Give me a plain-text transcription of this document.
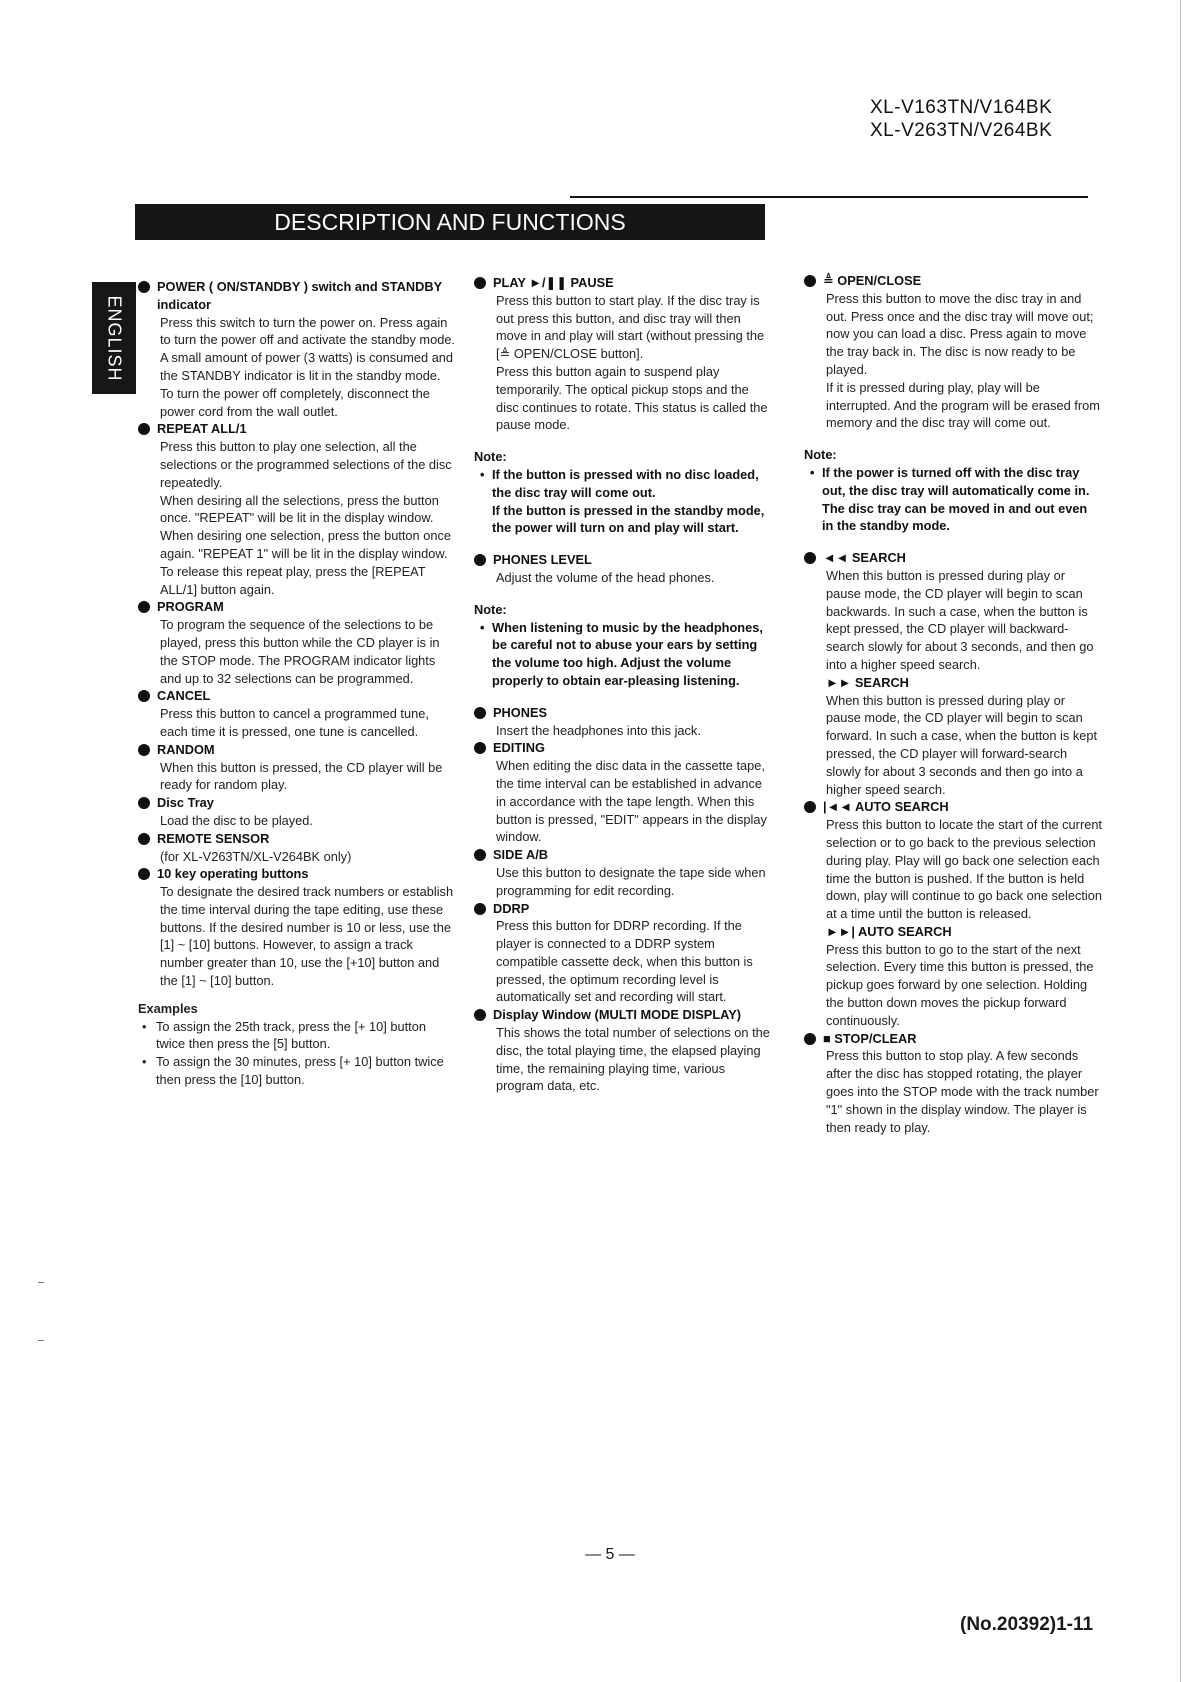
XL-V163TN/V164BK
XL-V263TN/V264BK
DESCRIPTION AND FUNCTIONS
ENGLISH
POWER ( ON/STANDBY ) switch and STANDBY indicator
Press this switch to turn the power on. Press again to turn the power off and activate the standby mode.
A small amount of power (3 watts) is consumed and the STANDBY indicator is lit in the standby mode. To turn the power off completely, disconnect the power cord from the wall outlet.
REPEAT ALL/1
Press this button to play one selection, all the selections or the programmed selections of the disc repeatedly.
When desiring all the selections, press the button once. "REPEAT" will be lit in the display window. When desiring one selection, press the button once again. "REPEAT 1" will be lit in the display window. To release this repeat play, press the [REPEAT ALL/1] button again.
PROGRAM
To program the sequence of the selections to be played, press this button while the CD player is in the STOP mode. The PROGRAM indicator lights and up to 32 selections can be programmed.
CANCEL
Press this button to cancel a programmed tune, each time it is pressed, one tune is cancelled.
RANDOM
When this button is pressed, the CD player will be ready for random play.
Disc Tray
Load the disc to be played.
REMOTE SENSOR
(for XL-V263TN/XL-V264BK only)
10 key operating buttons
To designate the desired track numbers or establish the time interval during the tape editing, use these buttons. If the desired number is 10 or less, use the [1] ~ [10] buttons. However, to assign a track number greater than 10, use the [+10] button and the [1] ~ [10] button.
Examples
• To assign the 25th track, press the [+ 10] button twice then press the [5] button.
• To assign the 30 minutes, press [+ 10] button twice then press the [10] button.
PLAY ►/❚❚ PAUSE
Press this button to start play. If the disc tray is out press this button, and disc tray will then move in and play will start (without pressing the [≜ OPEN/CLOSE button].
Press this button again to suspend play temporarily. The optical pickup stops and the disc continues to rotate. This status is called the pause mode.
Note:
• If the button is pressed with no disc loaded, the disc tray will come out.
If the button is pressed in the standby mode, the power will turn on and play will start.
PHONES LEVEL
Adjust the volume of the head phones.
Note:
• When listening to music by the headphones, be careful not to abuse your ears by setting the volume too high. Adjust the volume properly to obtain ear-pleasing listening.
PHONES
Insert the headphones into this jack.
EDITING
When editing the disc data in the cassette tape, the time interval can be established in advance in accordance with the tape length. When this button is pressed, "EDIT" appears in the display window.
SIDE A/B
Use this button to designate the tape side when programming for edit recording.
DDRP
Press this button for DDRP recording. If the player is connected to a DDRP system compatible cassette deck, when this button is pressed, the optimum recording level is automatically set and recording will start.
Display Window (MULTI MODE DISPLAY)
This shows the total number of selections on the disc, the total playing time, the elapsed playing time, the remaining playing time, various program data, etc.
≜ OPEN/CLOSE
Press this button to move the disc tray in and out. Press once and the disc tray will move out; now you can load a disc. Press again to move the tray back in. The disc is now ready to be played.
If it is pressed during play, play will be interrupted. And the program will be erased from memory and the disc tray will come out.
Note:
• If the power is turned off with the disc tray out, the disc tray will automatically come in.
The disc tray can be moved in and out even in the standby mode.
◄◄ SEARCH
When this button is pressed during play or pause mode, the CD player will begin to scan backwards. In such a case, when the button is kept pressed, the CD player will backward-search slowly for about 3 seconds, and then go into a higher speed search.
►► SEARCH
When this button is pressed during play or pause mode, the CD player will begin to scan forward. In such a case, when the button is kept pressed, the CD player will forward-search slowly for about 3 seconds and then go into a higher speed search.
|◄◄ AUTO SEARCH
Press this button to locate the start of the current selection or to go back to the previous selection during play. Play will go back one selection each time the button is pushed. If the button is held down, play will continue to go back one selection at a time until the button is released.
►►| AUTO SEARCH
Press this button to go to the start of the next selection. Every time this button is pressed, the pickup goes forward by one selection. Holding the button down moves the pickup forward continuously.
■ STOP/CLEAR
Press this button to stop play. A few seconds after the disc has stopped rotating, the player goes into the STOP mode with the track number "1" shown in the display window. The player is then ready to play.
— 5 —
(No.20392)1-11
